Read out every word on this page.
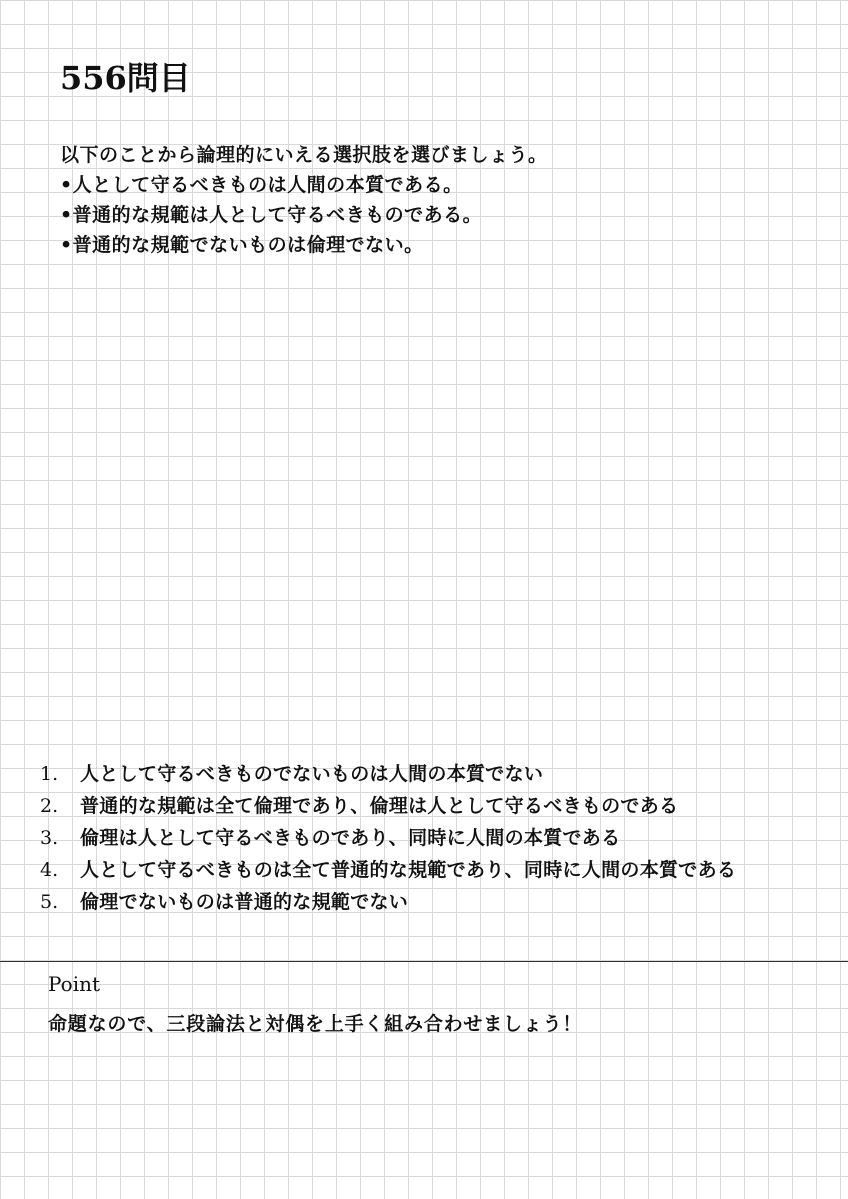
556問目
以下のことから論理的にいえる選択肢を選びましょう。
•人として守るべきものは人間の本質である。
•普通的な規範は人として守るべきものである。
•普通的な規範でないものは倫理でない。
1.	人として守るべきものでないものは人間の本質でない
2.	普通的な規範は全て倫理であり、倫理は人として守るべきものである
3.	倫理は人として守るべきものであり、同時に人間の本質である
4.	人として守るべきものは全て普通的な規範であり、同時に人間の本質である
5.	倫理でないものは普通的な規範でない
Point

命題なので、三段論法と対偶を上手く組み合わせましょう！
